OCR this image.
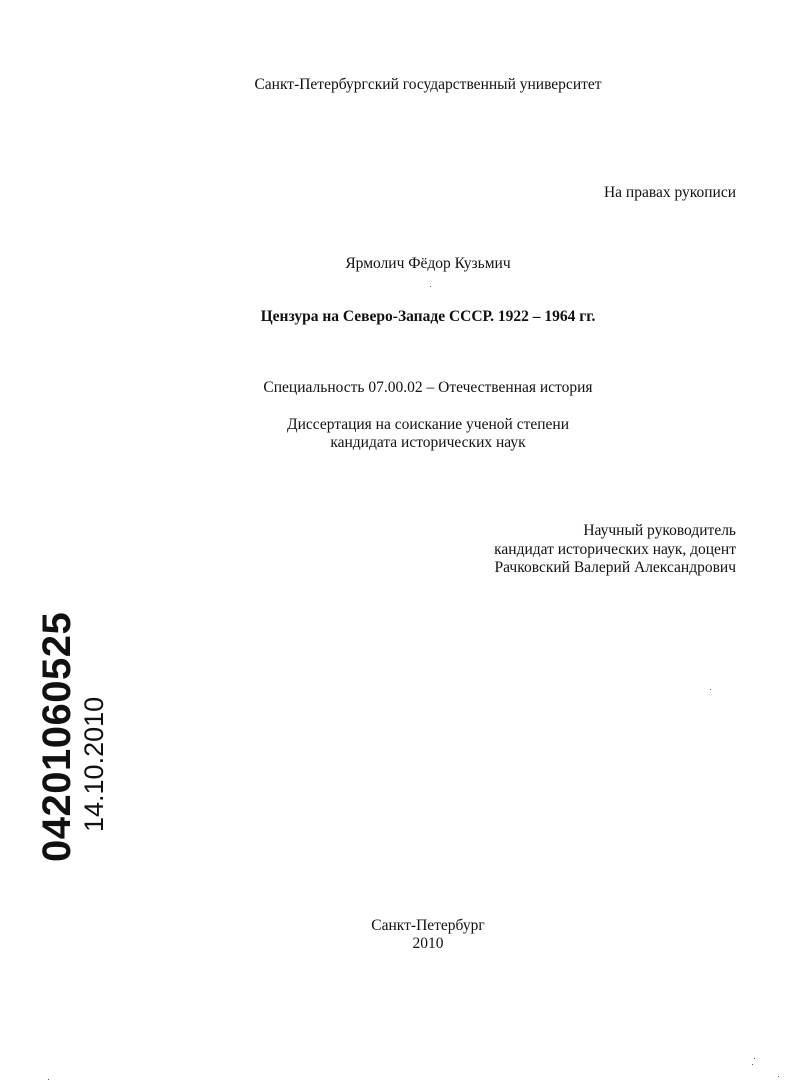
Санкт-Петербургский государственный университет
На правах рукописи
Ярмолич Фёдор Кузьмич
Цензура на Северо-Западе СССР. 1922 – 1964 гг.
Специальность 07.00.02 – Отечественная история
Диссертация на соискание ученой степени
кандидата исторических наук
Научный руководитель
кандидат исторических наук, доцент
Рачковский Валерий Александрович
04201060525 14.10.2010
Санкт-Петербург
2010
